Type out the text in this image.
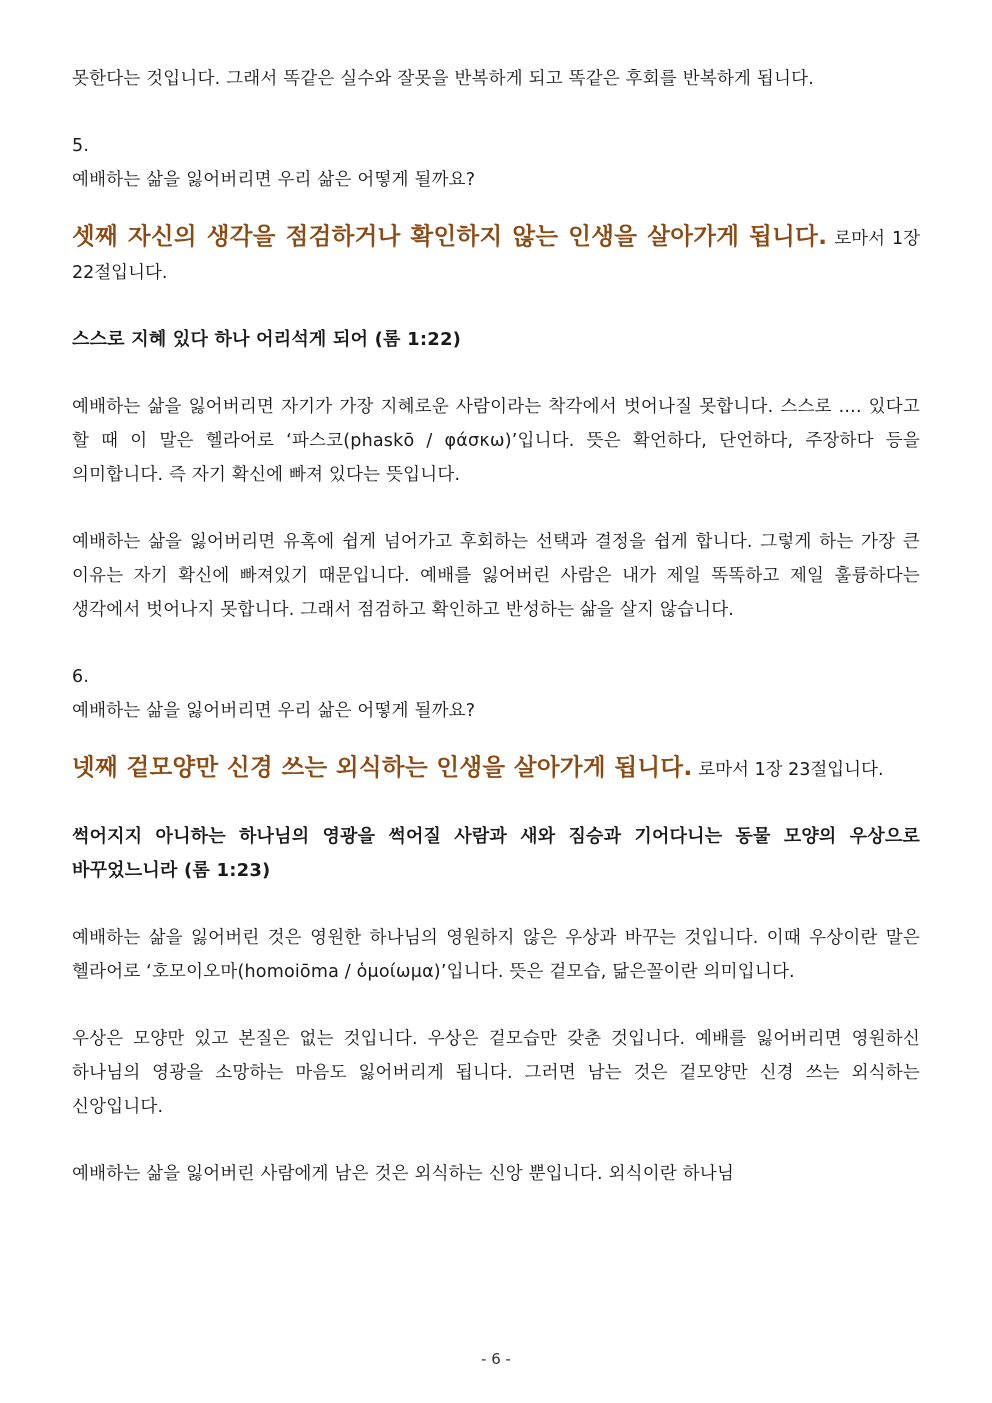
못한다는 것입니다. 그래서 똑같은 실수와 잘못을 반복하게 되고 똑같은 후회를 반복하게 됩니다.

5.

예배하는 삶을 잃어버리면 우리 삶은 어떻게 될까요?

셋째 자신의 생각을 점검하거나 확인하지 않는 인생을 살아가게 됩니다. 로마서 1장 22절입니다.

스스로 지혜 있다 하나 어리석게 되어 (롬 1:22)

예배하는 삶을 잃어버리면 자기가 가장 지혜로운 사람이라는 착각에서 벗어나질 못합니다. 스스로 .... 있다고 할 때 이 말은 헬라어로 ‘파스코(phaskō / φάσκω)’입니다. 뜻은 확언하다, 단언하다, 주장하다 등을 의미합니다. 즉 자기 확신에 빠져 있다는 뜻입니다.

예배하는 삶을 잃어버리면 유혹에 쉽게 넘어가고 후회하는 선택과 결정을 쉽게 합니다. 그렇게 하는 가장 큰 이유는 자기 확신에 빠져있기 때문입니다. 예배를 잃어버린 사람은 내가 제일 똑똑하고 제일 훌륭하다는 생각에서 벗어나지 못합니다. 그래서 점검하고 확인하고 반성하는 삶을 살지 않습니다.

6.

예배하는 삶을 잃어버리면 우리 삶은 어떻게 될까요?

넷째 겉모양만 신경 쓰는 외식하는 인생을 살아가게 됩니다. 로마서 1장 23절입니다.

썩어지지 아니하는 하나님의 영광을 썩어질 사람과 새와 짐승과 기어다니는 동물 모양의 우상으로 바꾸었느니라 (롬 1:23)

예배하는 삶을 잃어버린 것은 영원한 하나님의 영원하지 않은 우상과 바꾸는 것입니다. 이때 우상이란 말은 헬라어로 ‘호모이오마(homoiōma / ὁμοίωμα)’입니다. 뜻은 겉모습, 닮은꼴이란 의미입니다.

우상은 모양만 있고 본질은 없는 것입니다. 우상은 겉모습만 갖춘 것입니다. 예배를 잃어버리면 영원하신 하나님의 영광을 소망하는 마음도 잃어버리게 됩니다. 그러면 남는 것은 겉모양만 신경 쓰는 외식하는 신앙입니다.

예배하는 삶을 잃어버린 사람에게 남은 것은 외식하는 신앙 뿐입니다. 외식이란 하나님

- 6 -
